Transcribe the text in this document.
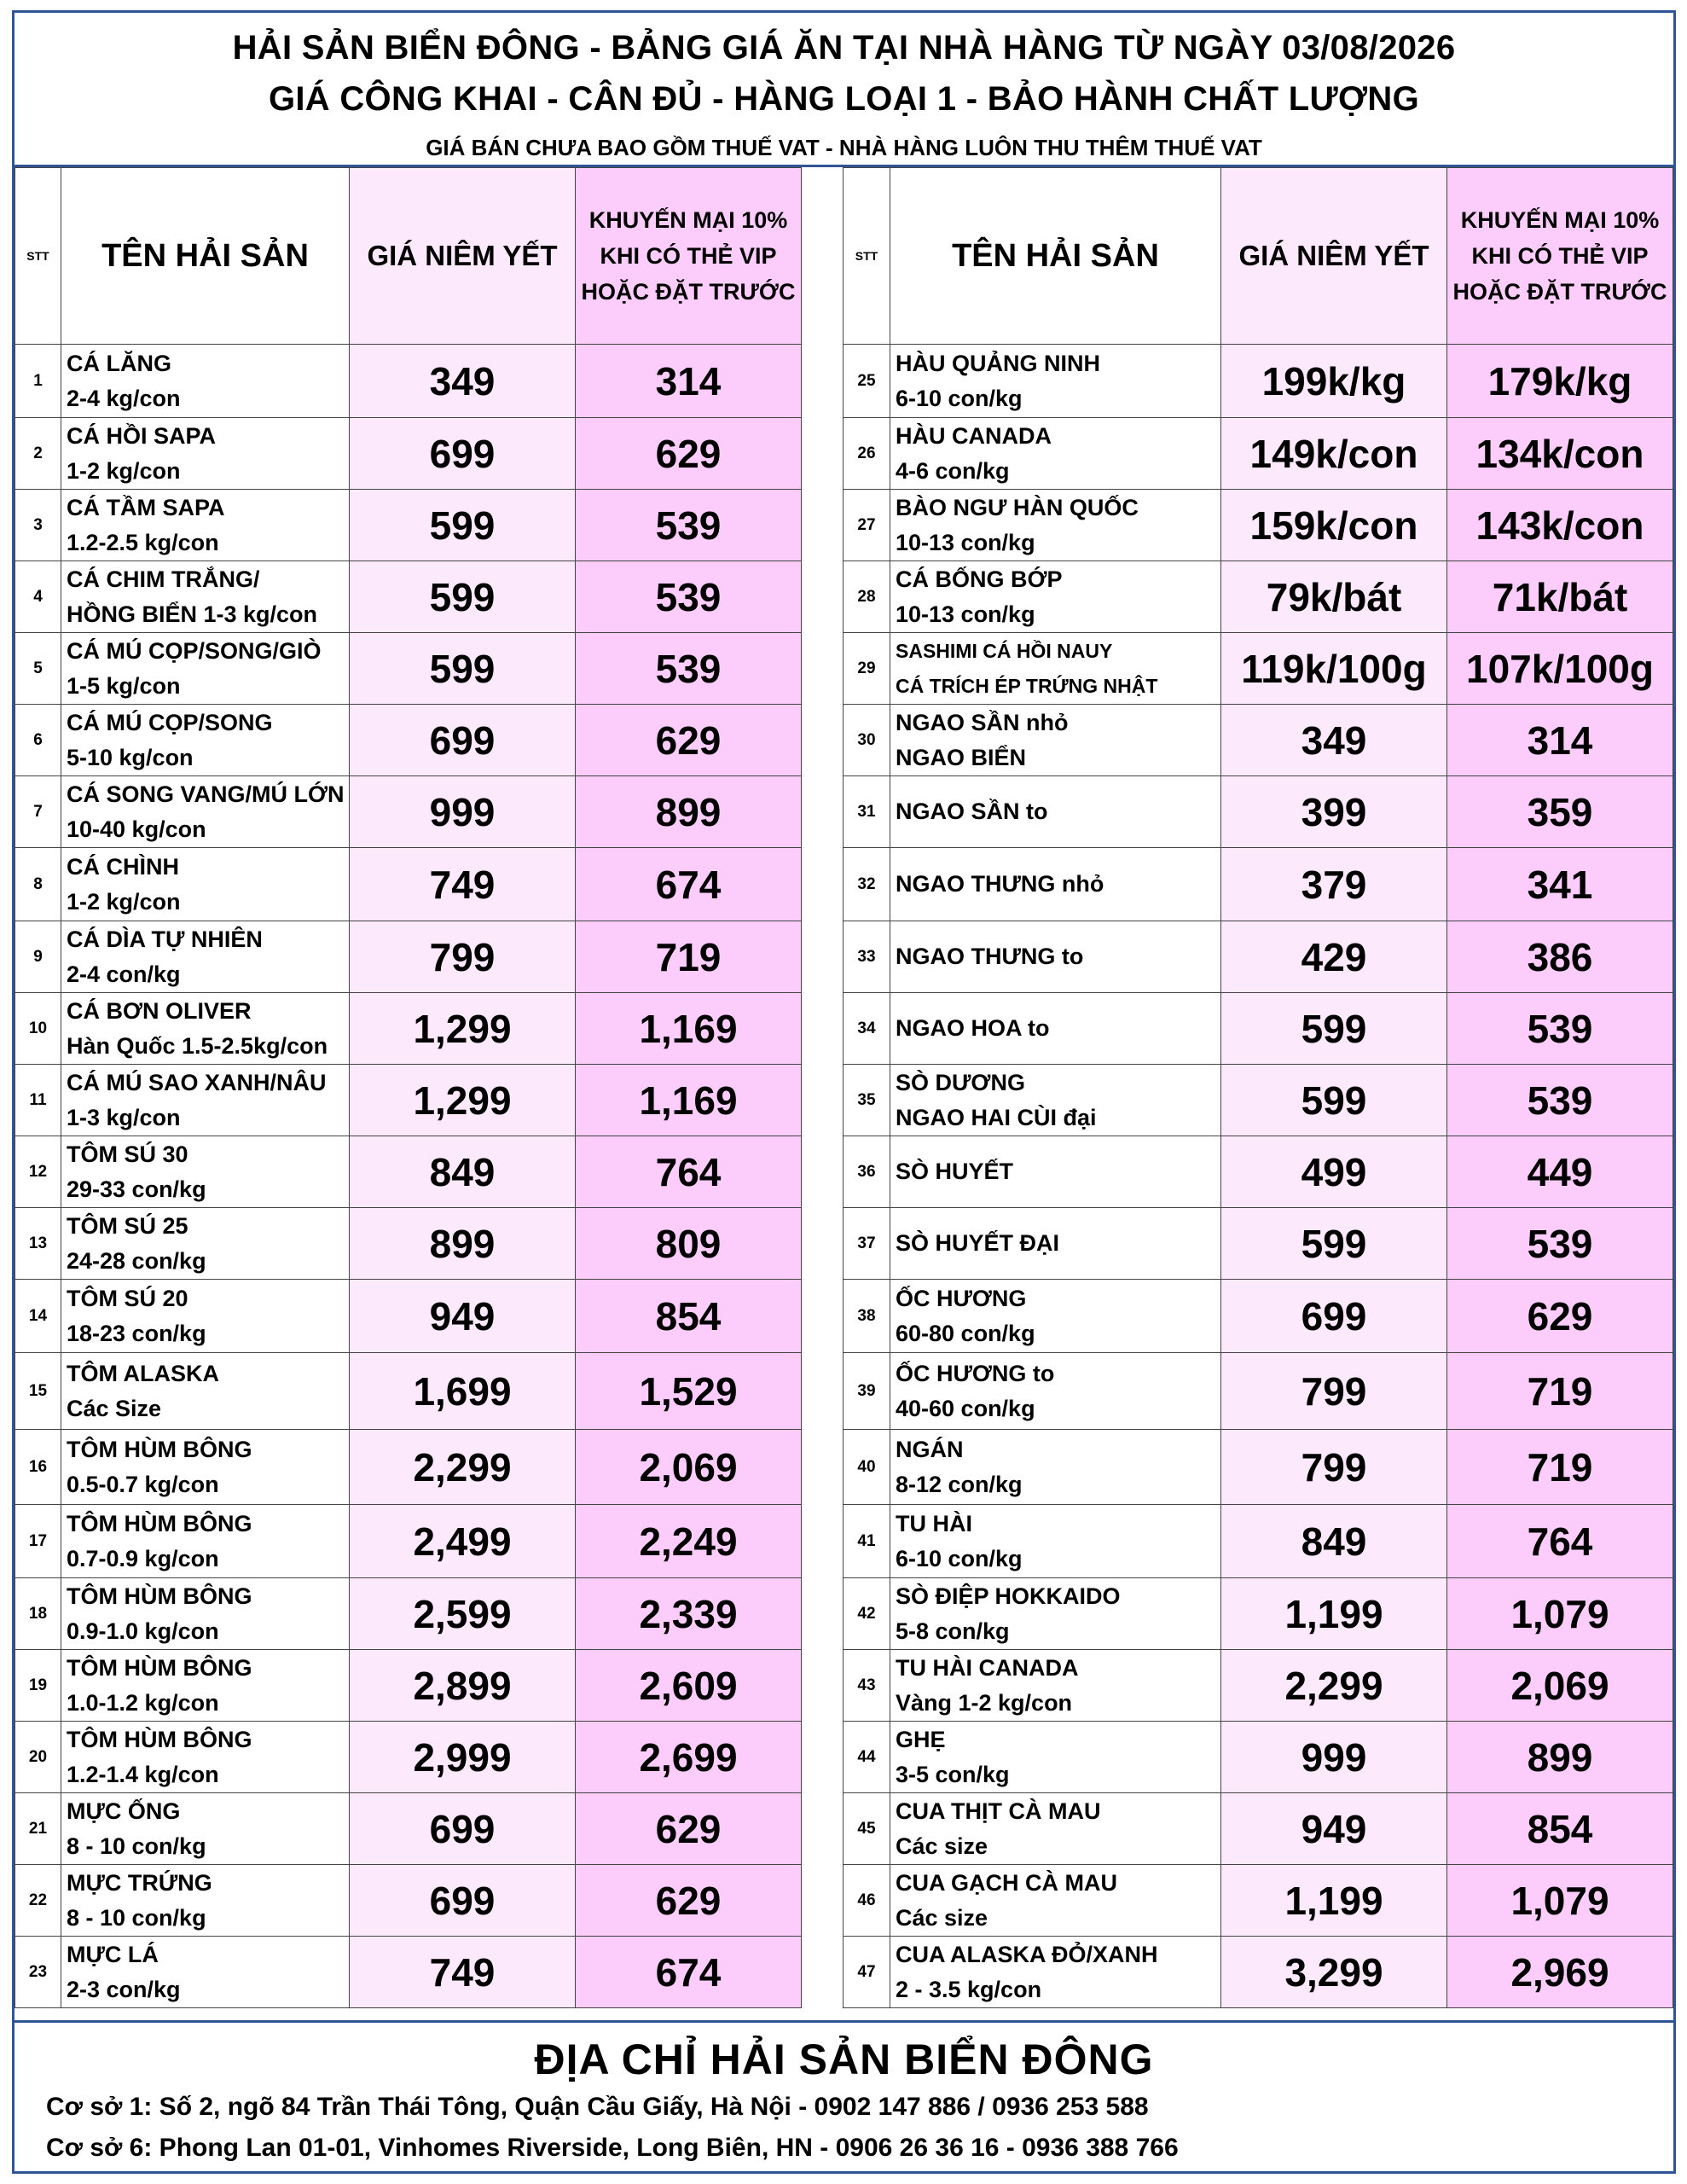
HẢI SẢN BIỂN ĐÔNG - BẢNG GIÁ ĂN TẠI NHÀ HÀNG TỪ NGÀY 03/08/2026
GIÁ CÔNG KHAI - CÂN ĐỦ - HÀNG LOẠI 1 - BẢO HÀNH CHẤT LƯỢNG
GIÁ BÁN CHƯA BAO GỒM THUẾ VAT - NHÀ HÀNG LUÔN THU THÊM THUẾ VAT
STT	TÊN HẢI SẢN	GIÁ NIÊM YẾT	KHUYẾN MẠI 10%
KHI CÓ THẺ VIP
HOẶC ĐẶT TRƯỚC

1	CÁ LĂNG
2-4 kg/con	349	314
2	CÁ HỒI SAPA
1-2 kg/con	699	629
3	CÁ TẦM SAPA
1.2-2.5 kg/con	599	539
4	CÁ CHIM TRẮNG/
HỒNG BIỂN 1-3 kg/con	599	539
5	CÁ MÚ CỌP/SONG/GIÒ
1-5 kg/con	599	539
6	CÁ MÚ CỌP/SONG
5-10 kg/con	699	629
7	CÁ SONG VANG/MÚ LỚN
10-40 kg/con	999	899
8	CÁ CHÌNH
1-2 kg/con	749	674
9	CÁ DÌA TỰ NHIÊN
2-4 con/kg	799	719
10	CÁ BƠN OLIVER
Hàn Quốc 1.5-2.5kg/con	1,299	1,169
11	CÁ MÚ SAO XANH/NÂU
1-3 kg/con	1,299	1,169
12	TÔM SÚ 30
29-33 con/kg	849	764
13	TÔM SÚ 25
24-28 con/kg	899	809
14	TÔM SÚ 20
18-23 con/kg	949	854
15	TÔM ALASKA
Các Size	1,699	1,529
16	TÔM HÙM BÔNG
0.5-0.7 kg/con	2,299	2,069
17	TÔM HÙM BÔNG
0.7-0.9 kg/con	2,499	2,249
18	TÔM HÙM BÔNG
0.9-1.0 kg/con	2,599	2,339
19	TÔM HÙM BÔNG
1.0-1.2 kg/con	2,899	2,609
20	TÔM HÙM BÔNG
1.2-1.4 kg/con	2,999	2,699
21	MỰC ỐNG
8 - 10 con/kg	699	629
22	MỰC TRỨNG
8 - 10 con/kg	699	629
23	MỰC LÁ
2-3 con/kg	749	674
STT	TÊN HẢI SẢN	GIÁ NIÊM YẾT	KHUYẾN MẠI 10%
KHI CÓ THẺ VIP
HOẶC ĐẶT TRƯỚC

25	HÀU QUẢNG NINH
6-10 con/kg	199k/kg	179k/kg
26	HÀU CANADA
4-6 con/kg	149k/con	134k/con
27	BÀO NGƯ HÀN QUỐC
10-13 con/kg	159k/con	143k/con
28	CÁ BỐNG BỚP
10-13 con/kg	79k/bát	71k/bát
29	SASHIMI CÁ HỒI NAUY
CÁ TRÍCH ÉP TRỨNG NHẬT	119k/100g	107k/100g
30	NGAO SẦN nhỏ
NGAO BIỂN	349	314
31	NGAO SẦN to	399	359
32	NGAO THƯNG nhỏ	379	341
33	NGAO THƯNG to	429	386
34	NGAO HOA to	599	539
35	SÒ DƯƠNG
NGAO HAI CÙI đại	599	539
36	SÒ HUYẾT	499	449
37	SÒ HUYẾT ĐẠI	599	539
38	ỐC HƯƠNG
60-80 con/kg	699	629
39	ỐC HƯƠNG to
40-60 con/kg	799	719
40	NGÁN
8-12 con/kg	799	719
41	TU HÀI
6-10 con/kg	849	764
42	SÒ ĐIỆP HOKKAIDO
5-8 con/kg	1,199	1,079
43	TU HÀI CANADA
Vàng 1-2 kg/con	2,299	2,069
44	GHẸ
3-5 con/kg	999	899
45	CUA THỊT CÀ MAU
Các size	949	854
46	CUA GẠCH CÀ MAU
Các size	1,199	1,079
47	CUA ALASKA ĐỎ/XANH
2 - 3.5 kg/con	3,299	2,969
ĐỊA CHỈ HẢI SẢN BIỂN ĐÔNG
Cơ sở 1: Số 2, ngõ 84 Trần Thái Tông, Quận Cầu Giấy, Hà Nội - 0902 147 886 / 0936 253 588
Cơ sở 6: Phong Lan 01-01, Vinhomes Riverside, Long Biên, HN - 0906 26 36 16 - 0936 388 766
